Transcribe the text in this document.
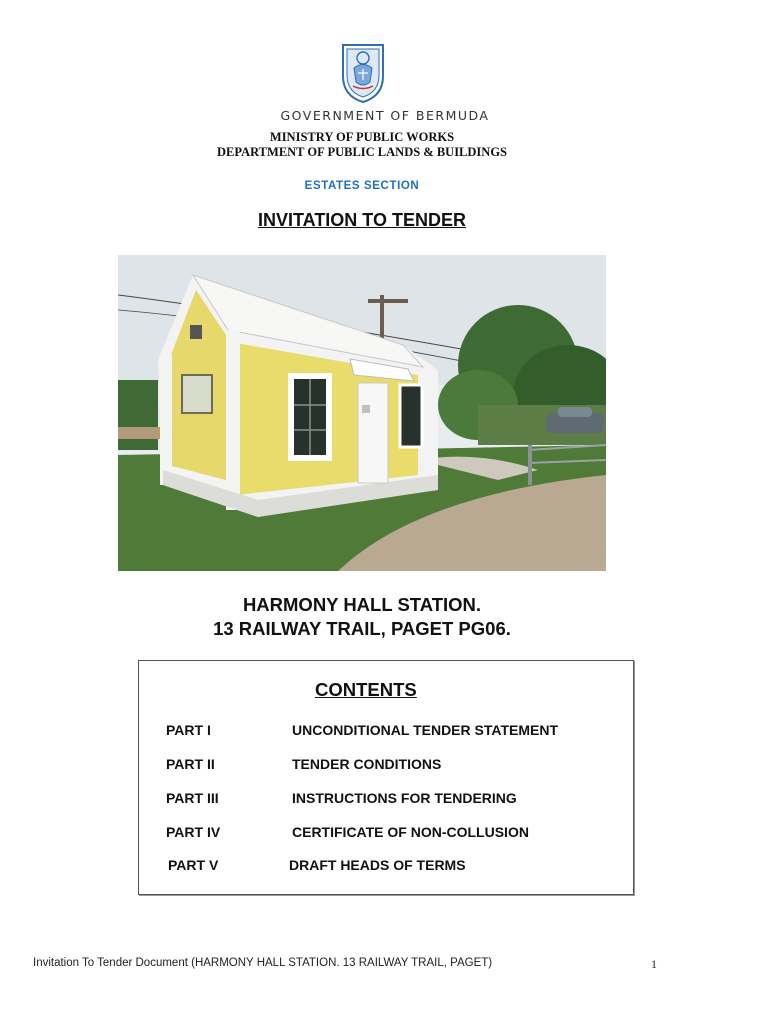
GOVERNMENT OF BERMUDA
MINISTRY OF PUBLIC WORKS
DEPARTMENT OF PUBLIC LANDS & BUILDINGS
ESTATES SECTION
INVITATION TO TENDER
HARMONY HALL STATION.
13 RAILWAY TRAIL, PAGET PG06.
CONTENTS
PART I	UNCONDITIONAL TENDER STATEMENT
PART II	TENDER CONDITIONS
PART III	INSTRUCTIONS FOR TENDERING
PART IV	CERTIFICATE OF NON-COLLUSION
PART V	DRAFT HEADS OF TERMS
Invitation To Tender Document (HARMONY HALL STATION. 13 RAILWAY TRAIL, PAGET)	1
